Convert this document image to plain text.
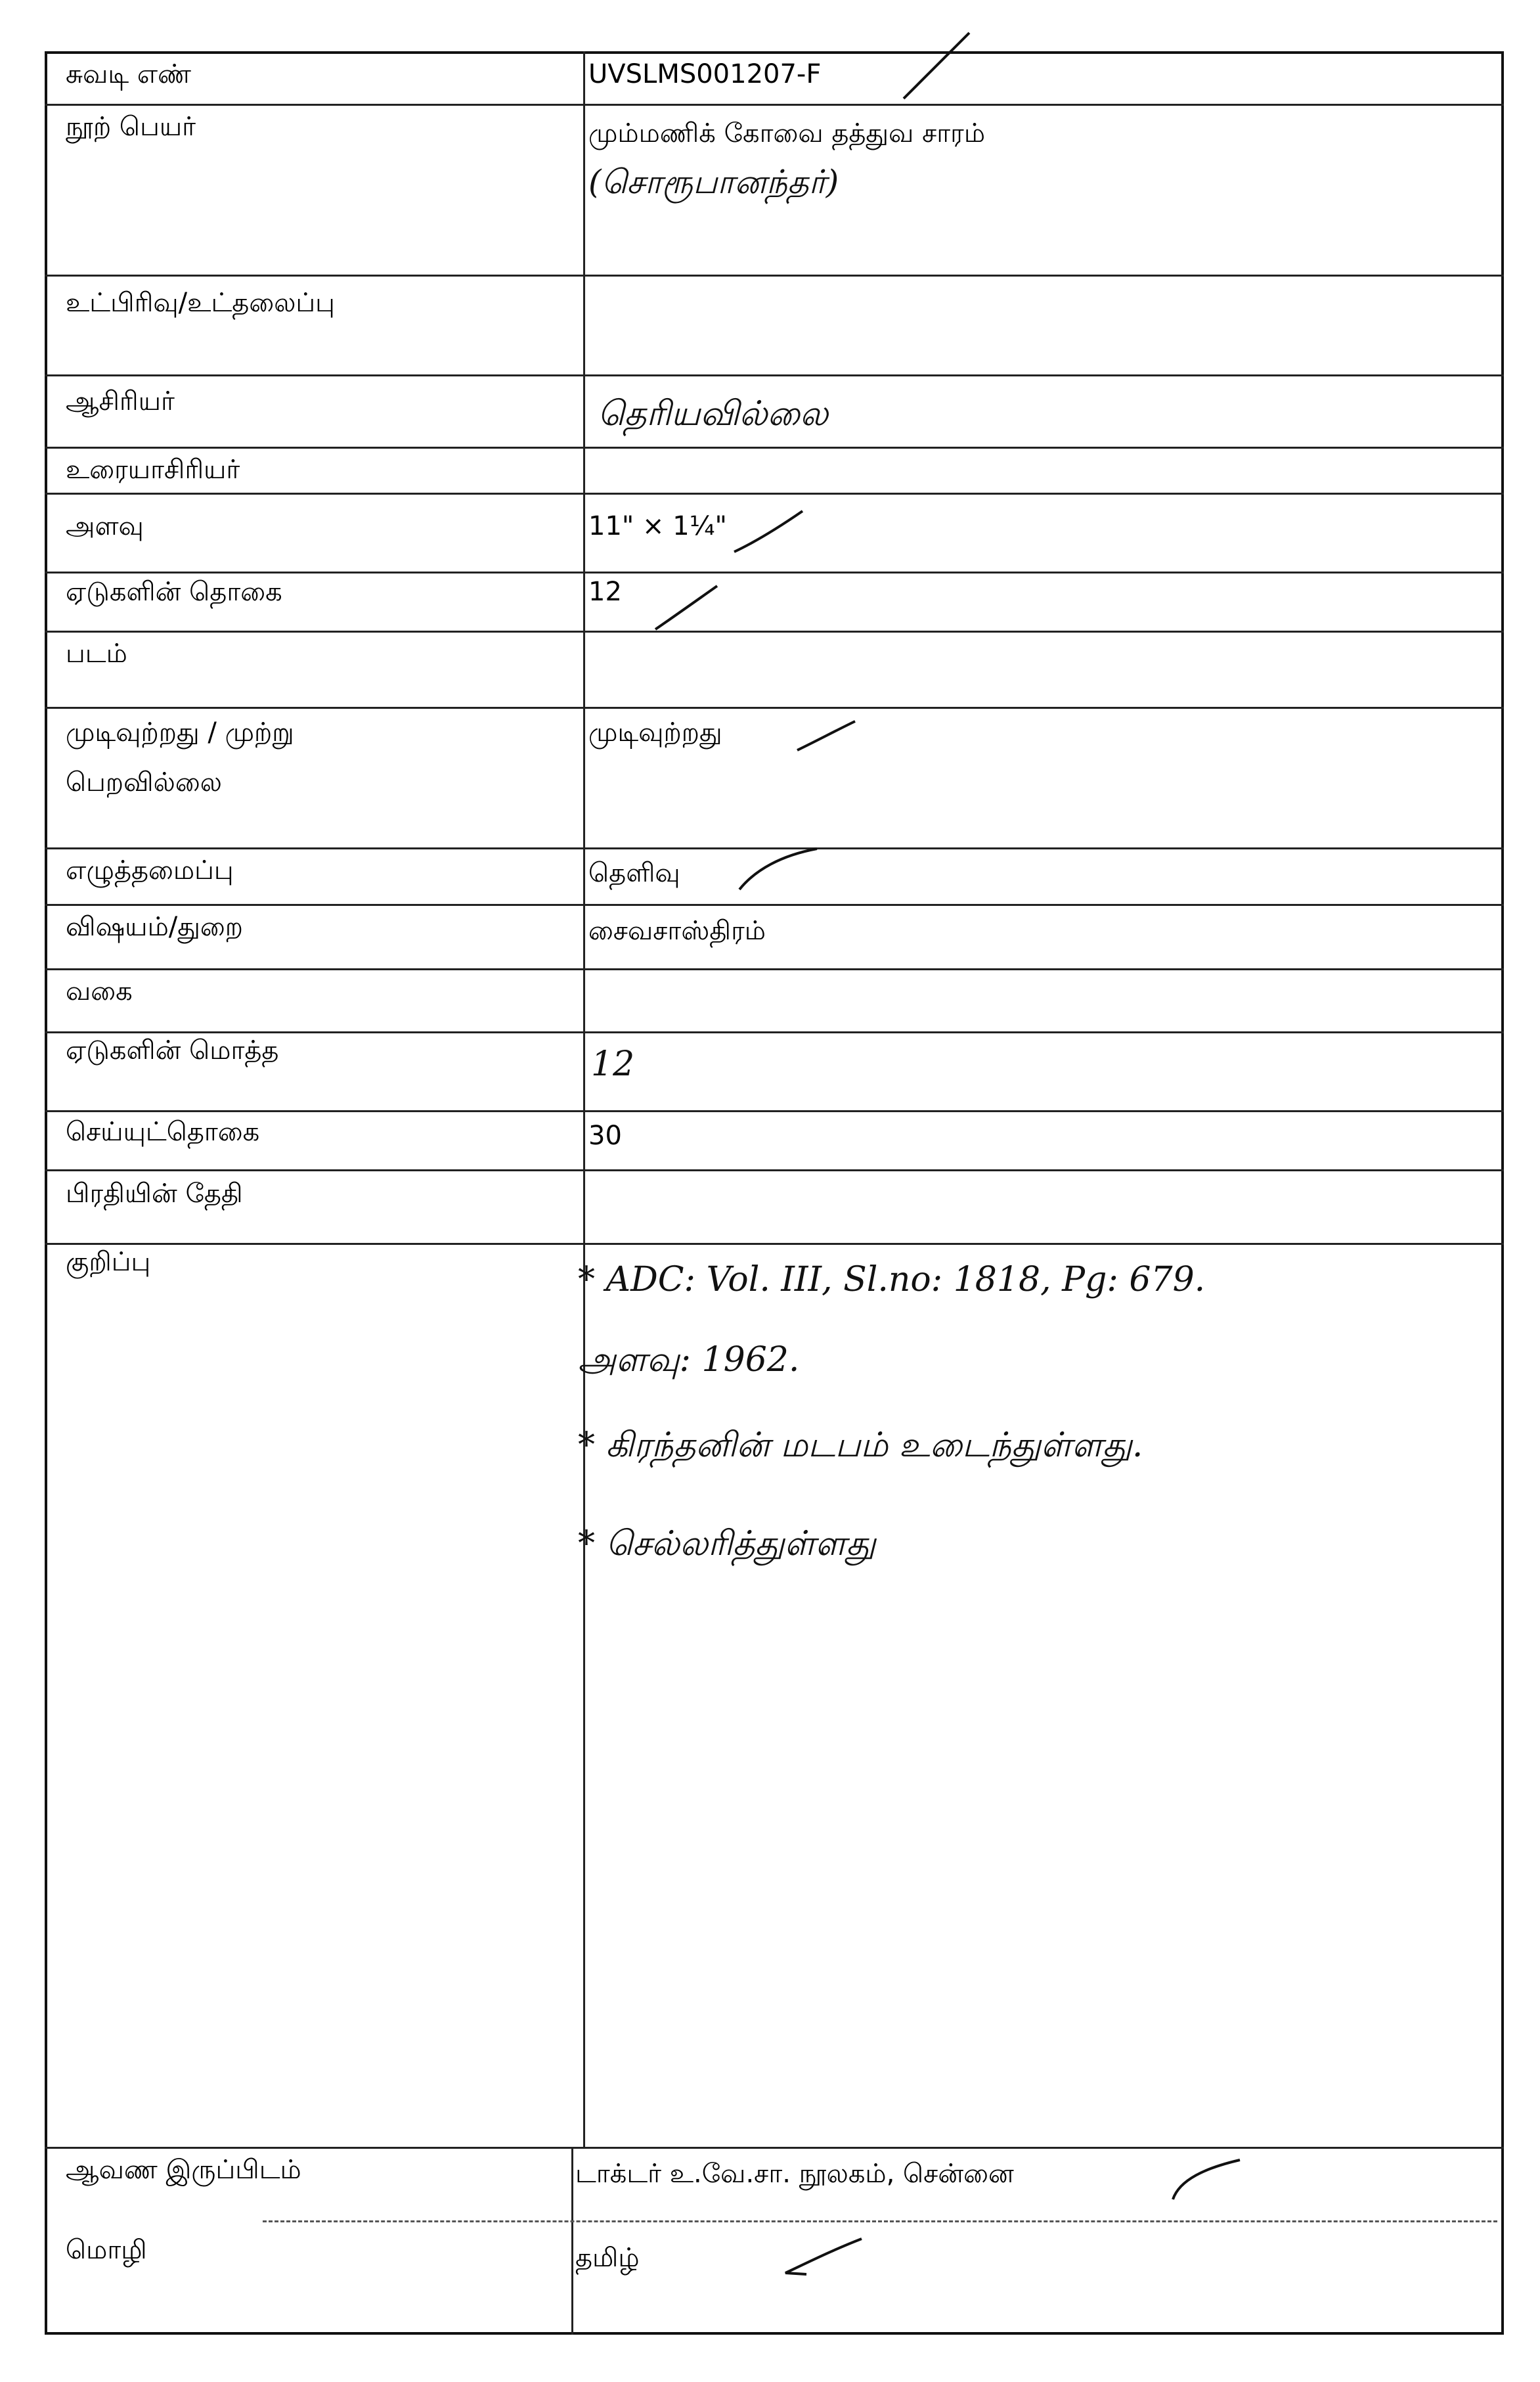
சுவடி எண்
நூற் பெயர்
உட்பிரிவு/உட்தலைப்பு
ஆசிரியர்
உரையாசிரியர்
அளவு
ஏடுகளின் தொகை
படம்
முடிவுற்றது / முற்று
பெறவில்லை
எழுத்தமைப்பு
விஷயம்/துறை
வகை
ஏடுகளின் மொத்த
செய்யுட்தொகை
பிரதியின் தேதி
குறிப்பு
ஆவண இருப்பிடம்
மொழி
UVSLMS001207-F
மும்மணிக் கோவை தத்துவ சாரம்
11" × 1¼"
12
முடிவுற்றது
தெளிவு
சைவசாஸ்திரம்
30
டாக்டர் உ.வே.சா. நூலகம், சென்னை
தமிழ்
(சொரூபானந்தர்)
தெரியவில்லை
12
* ADC: Vol. III, Sl.no: 1818, Pg: 679.
அளவு: 1962.
* கிரந்தனின் மடபம் உடைந்துள்ளது.
* செல்லரித்துள்ளது
